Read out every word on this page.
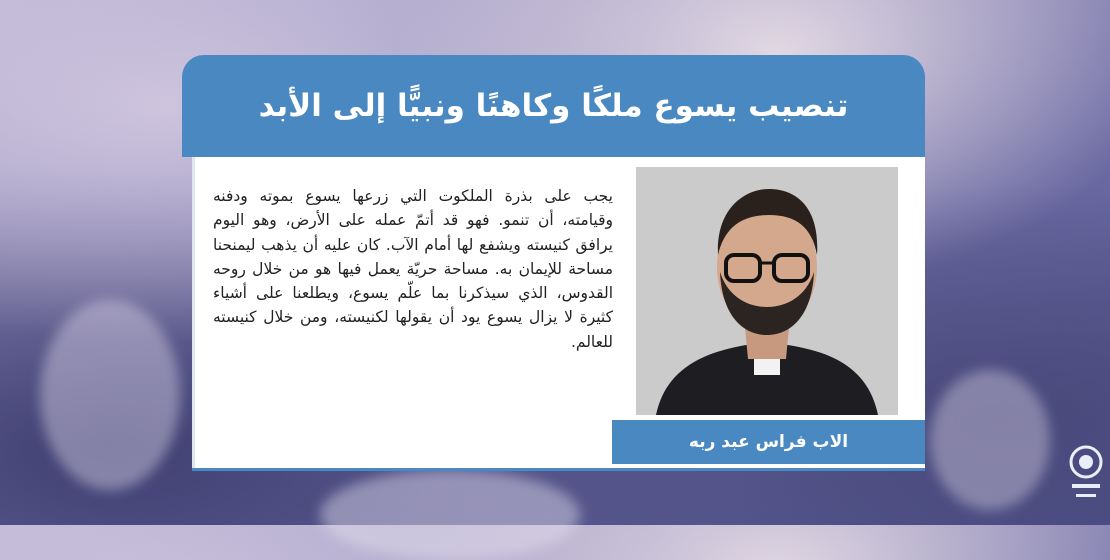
تنصيب يسوع ملكًا وكاهنًا ونبيًّا إلى الأبد
يجب على بذرة الملكوت التي زرعها يسوع بموته ودفنه وقيامته، أن تنمو. فهو قد أتمّ عمله على الأرض، وهو اليوم يرافق كنيسته ويشفع لها أمام الآب. كان عليه أن يذهب ليمنحنا مساحة للإيمان به. مساحة حريّة يعمل فيها هو من خلال روحه القدوس، الذي سيذكرنا بما علّم يسوع، ويطلعنا على أشياء كثيرة لا يزال يسوع يود أن يقولها لكنيسته، ومن خلال كنيسته للعالم.
الاب فراس عبد ربه
